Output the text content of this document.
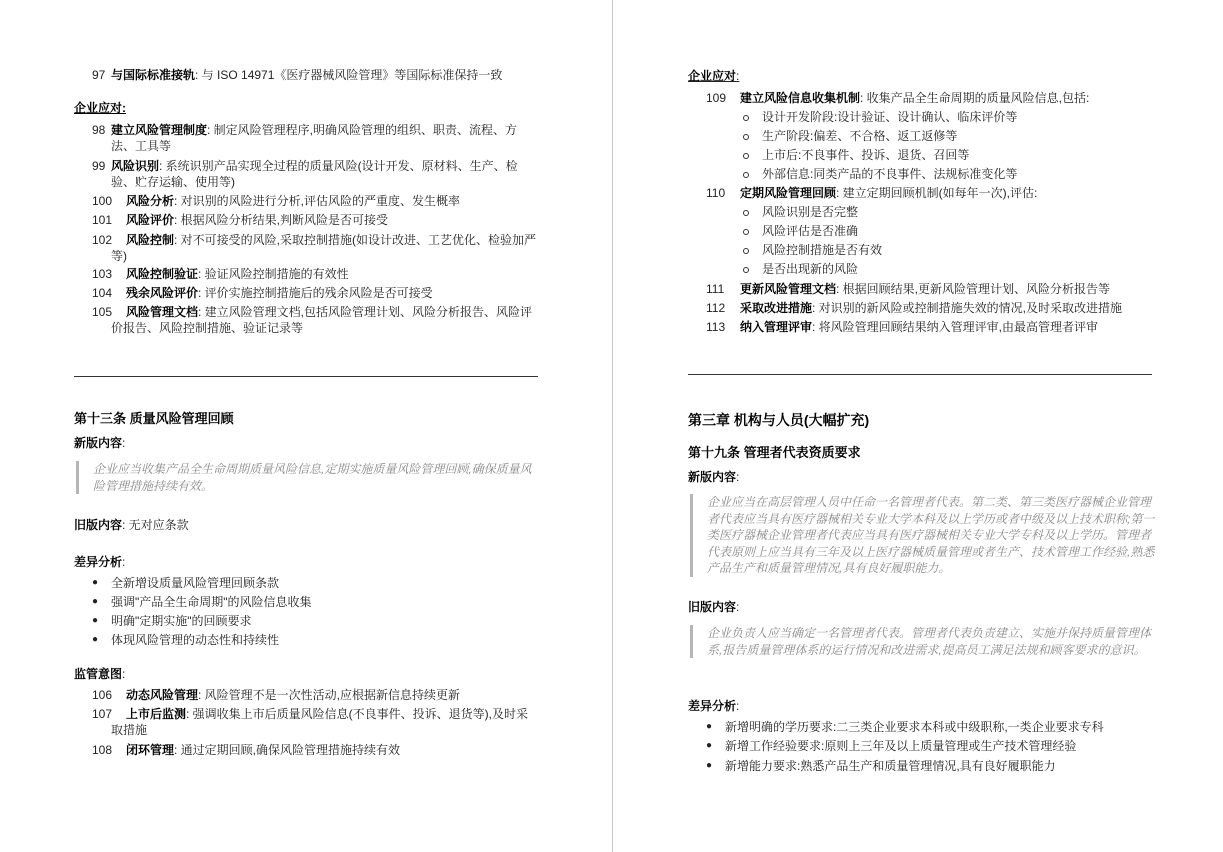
97 与国际标准接轨: 与 ISO 14971《医疗器械风险管理》等国际标准保持一致
企业应对:
98 建立风险管理制度: 制定风险管理程序,明确风险管理的组织、职责、流程、方法、工具等
99 风险识别: 系统识别产品实现全过程的质量风险(设计开发、原材料、生产、检验、贮存运输、使用等)
100	风险分析: 对识别的风险进行分析,评估风险的严重度、发生概率
101	风险评价: 根据风险分析结果,判断风险是否可接受
102	风险控制: 对不可接受的风险,采取控制措施(如设计改进、工艺优化、检验加严等)
103	风险控制验证: 验证风险控制措施的有效性
104	残余风险评价: 评价实施控制措施后的残余风险是否可接受
105	风险管理文档: 建立风险管理文档,包括风险管理计划、风险分析报告、风险评价报告、风险控制措施、验证记录等
第十三条 质量风险管理回顾
新版内容:
企业应当收集产品全生命周期质量风险信息,定期实施质量风险管理回顾,确保质量风险管理措施持续有效。
旧版内容: 无对应条款
差异分析:
● 全新增设质量风险管理回顾条款
● 强调"产品全生命周期"的风险信息收集
● 明确"定期实施"的回顾要求
● 体现风险管理的动态性和持续性
监管意图:
106	动态风险管理: 风险管理不是一次性活动,应根据新信息持续更新
107	上市后监测: 强调收集上市后质量风险信息(不良事件、投诉、退货等),及时采取措施
108	闭环管理: 通过定期回顾,确保风险管理措施持续有效
企业应对:
109 建立风险信息收集机制: 收集产品全生命周期的质量风险信息,包括:
110 定期风险管理回顾: 建立定期回顾机制(如每年一次),评估:
设计开发阶段:设计验证、设计确认、临床评价等
生产阶段:偏差、不合格、返工返修等
上市后:不良事件、投诉、退货、召回等
外部信息:同类产品的不良事件、法规标准变化等
风险识别是否完整
风险评估是否准确
风险控制措施是否有效
是否出现新的风险
111 更新风险管理文档: 根据回顾结果,更新风险管理计划、风险分析报告等
112 采取改进措施: 对识别的新风险或控制措施失效的情况,及时采取改进措施
113 纳入管理评审: 将风险管理回顾结果纳入管理评审,由最高管理者评审
第三章 机构与人员(大幅扩充)
第十九条 管理者代表资质要求
新版内容:
企业应当在高层管理人员中任命一名管理者代表。第二类、第三类医疗器械企业管理者代表应当具有医疗器械相关专业大学本科及以上学历或者中级及以上技术职称;第一类医疗器械企业管理者代表应当具有医疗器械相关专业大学专科及以上学历。管理者代表原则上应当具有三年及以上医疗器械质量管理或者生产、技术管理工作经验,熟悉产品生产和质量管理情况,具有良好履职能力。
旧版内容:
企业负责人应当确定一名管理者代表。管理者代表负责建立、实施并保持质量管理体系,报告质量管理体系的运行情况和改进需求,提高员工满足法规和顾客要求的意识。
差异分析:
● 新增明确的学历要求:二三类企业要求本科或中级职称,一类企业要求专科
● 新增工作经验要求:原则上三年及以上质量管理或生产技术管理经验
● 新增能力要求:熟悉产品生产和质量管理情况,具有良好履职能力
